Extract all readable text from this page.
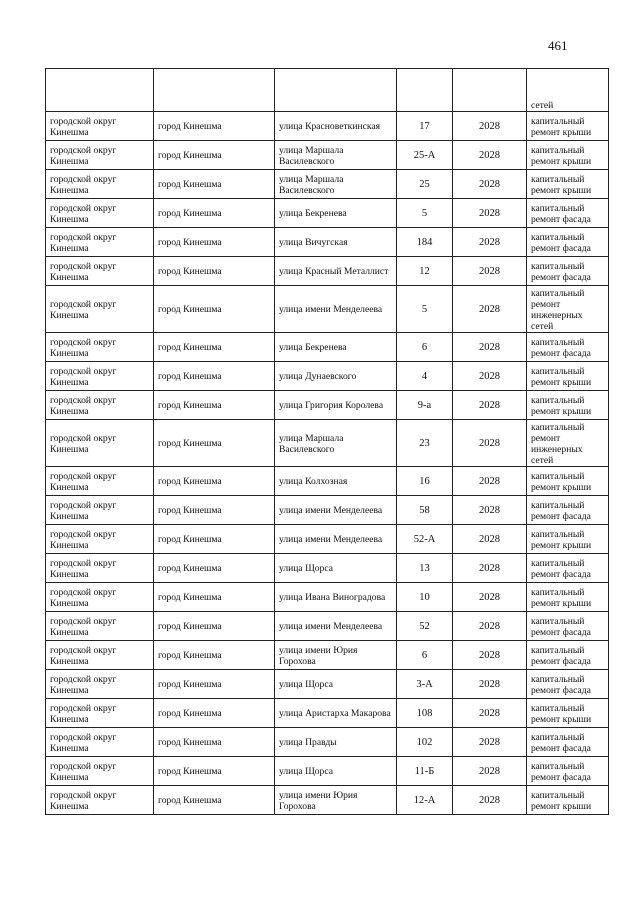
461
					сетей
городской округ Кинешма	город Кинешма	улица Красноветкинская	17	2028	капитальный ремонт крыши
городской округ Кинешма	город Кинешма	улица Маршала Василевского	25-А	2028	капитальный ремонт крыши
городской округ Кинешма	город Кинешма	улица Маршала Василевского	25	2028	капитальный ремонт крыши
городской округ Кинешма	город Кинешма	улица Бекренева	5	2028	капитальный ремонт фасада
городской округ Кинешма	город Кинешма	улица Вичугская	184	2028	капитальный ремонт фасада
городской округ Кинешма	город Кинешма	улица Красный Металлист	12	2028	капитальный ремонт фасада
городской округ Кинешма	город Кинешма	улица имени Менделеева	5	2028	капитальный ремонт инженерных сетей
городской округ Кинешма	город Кинешма	улица Бекренева	6	2028	капитальный ремонт фасада
городской округ Кинешма	город Кинешма	улица Дунаевского	4	2028	капитальный ремонт крыши
городской округ Кинешма	город Кинешма	улица Григория Королева	9-а	2028	капитальный ремонт крыши
городской округ Кинешма	город Кинешма	улица Маршала Василевского	23	2028	капитальный ремонт инженерных сетей
городской округ Кинешма	город Кинешма	улица Колхозная	16	2028	капитальный ремонт крыши
городской округ Кинешма	город Кинешма	улица имени Менделеева	58	2028	капитальный ремонт фасада
городской округ Кинешма	город Кинешма	улица имени Менделеева	52-А	2028	капитальный ремонт крыши
городской округ Кинешма	город Кинешма	улица Щорса	13	2028	капитальный ремонт фасада
городской округ Кинешма	город Кинешма	улица Ивана Виноградова	10	2028	капитальный ремонт крыши
городской округ Кинешма	город Кинешма	улица имени Менделеева	52	2028	капитальный ремонт фасада
городской округ Кинешма	город Кинешма	улица имени Юрия Горохова	6	2028	капитальный ремонт фасада
городской округ Кинешма	город Кинешма	улица Щорса	3-А	2028	капитальный ремонт фасада
городской округ Кинешма	город Кинешма	улица Аристарха Макарова	108	2028	капитальный ремонт крыши
городской округ Кинешма	город Кинешма	улица Правды	102	2028	капитальный ремонт фасада
городской округ Кинешма	город Кинешма	улица Щорса	11-Б	2028	капитальный ремонт фасада
городской округ Кинешма	город Кинешма	улица имени Юрия Горохова	12-А	2028	капитальный ремонт крыши
